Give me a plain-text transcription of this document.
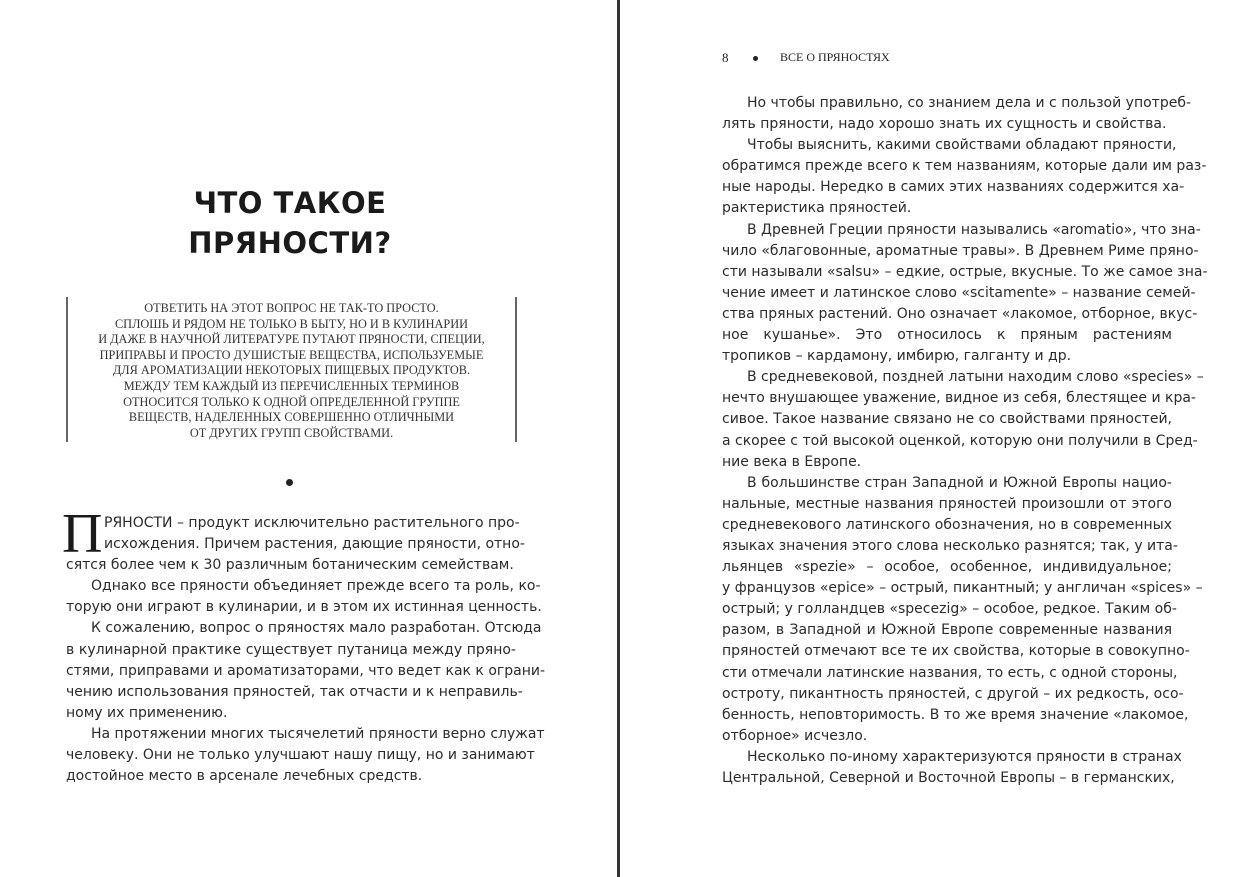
ЧТО ТАКОЕ
ПРЯНОСТИ?
ОТВЕТИТЬ НА ЭТОТ ВОПРОС НЕ ТАК-ТО ПРОСТО.
СПЛОШЬ И РЯДОМ НЕ ТОЛЬКО В БЫТУ, НО И В КУЛИНАРИИ
И ДАЖЕ В НАУЧНОЙ ЛИТЕРАТУРЕ ПУТАЮТ ПРЯНОСТИ, СПЕЦИИ,
ПРИПРАВЫ И ПРОСТО ДУШИСТЫЕ ВЕЩЕСТВА, ИСПОЛЬЗУЕМЫЕ
ДЛЯ АРОМАТИЗАЦИИ НЕКОТОРЫХ ПИЩЕВЫХ ПРОДУКТОВ.
МЕЖДУ ТЕМ КАЖДЫЙ ИЗ ПЕРЕЧИСЛЕННЫХ ТЕРМИНОВ
ОТНОСИТСЯ ТОЛЬКО К ОДНОЙ ОПРЕДЕЛЕННОЙ ГРУППЕ
ВЕЩЕСТВ, НАДЕЛЕННЫХ СОВЕРШЕННО ОТЛИЧНЫМИ
ОТ ДРУГИХ ГРУПП СВОЙСТВАМИ.
П РЯНОСТИ – продукт исключительно растительного про-
исхождения. Причем растения, дающие пряности, отно-
сятся более чем к 30 различным ботаническим семействам.
Однако все пряности объединяет прежде всего та роль, ко-
торую они играют в кулинарии, и в этом их истинная ценность.
К сожалению, вопрос о пряностях мало разработан. Отсюда
в кулинарной практике существует путаница между пряно-
стями, приправами и ароматизаторами, что ведет как к ограни-
чению использования пряностей, так отчасти и к неправиль-
ному их применению.
На протяжении многих тысячелетий пряности верно служат
человеку. Они не только улучшают нашу пищу, но и занимают
достойное место в арсенале лечебных средств.
8	ВСЕ О ПРЯНОСТЯХ
Но чтобы правильно, со знанием дела и с пользой употреб-
лять пряности, надо хорошо знать их сущность и свойства.
Чтобы выяснить, какими свойствами обладают пряности,
обратимся прежде всего к тем названиям, которые дали им раз-
ные народы. Нередко в самих этих названиях содержится ха-
рактеристика пряностей.
В Древней Греции пряности назывались «aromatio», что зна-
чило «благовонные, ароматные травы». В Древнем Риме пряно-
сти называли «salsu» – едкие, острые, вкусные. То же самое зна-
чение имеет и латинское слово «scitamente» – название семей-
ства пряных растений. Оно означает «лакомое, отборное, вкус-
ное кушанье». Это относилось к пряным растениям
тропиков – кардамону, имбирю, галганту и др.
В средневековой, поздней латыни находим слово «species» –
нечто внушающее уважение, видное из себя, блестящее и кра-
сивое. Такое название связано не со свойствами пряностей,
а скорее с той высокой оценкой, которую они получили в Сред-
ние века в Европе.
В большинстве стран Западной и Южной Европы нацио-
нальные, местные названия пряностей произошли от этого
средневекового латинского обозначения, но в современных
языках значения этого слова несколько разнятся; так, у ита-
льянцев «spezie» – особое, особенное, индивидуальное;
у французов «epice» – острый, пикантный; у англичан «spices» –
острый; у голландцев «specezig» – особое, редкое. Таким об-
разом, в Западной и Южной Европе современные названия
пряностей отмечают все те их свойства, которые в совокупно-
сти отмечали латинские названия, то есть, с одной стороны,
остроту, пикантность пряностей, с другой – их редкость, осо-
бенность, неповторимость. В то же время значение «лакомое,
отборное» исчезло.
Несколько по-иному характеризуются пряности в странах
Центральной, Северной и Восточной Европы – в германских,
